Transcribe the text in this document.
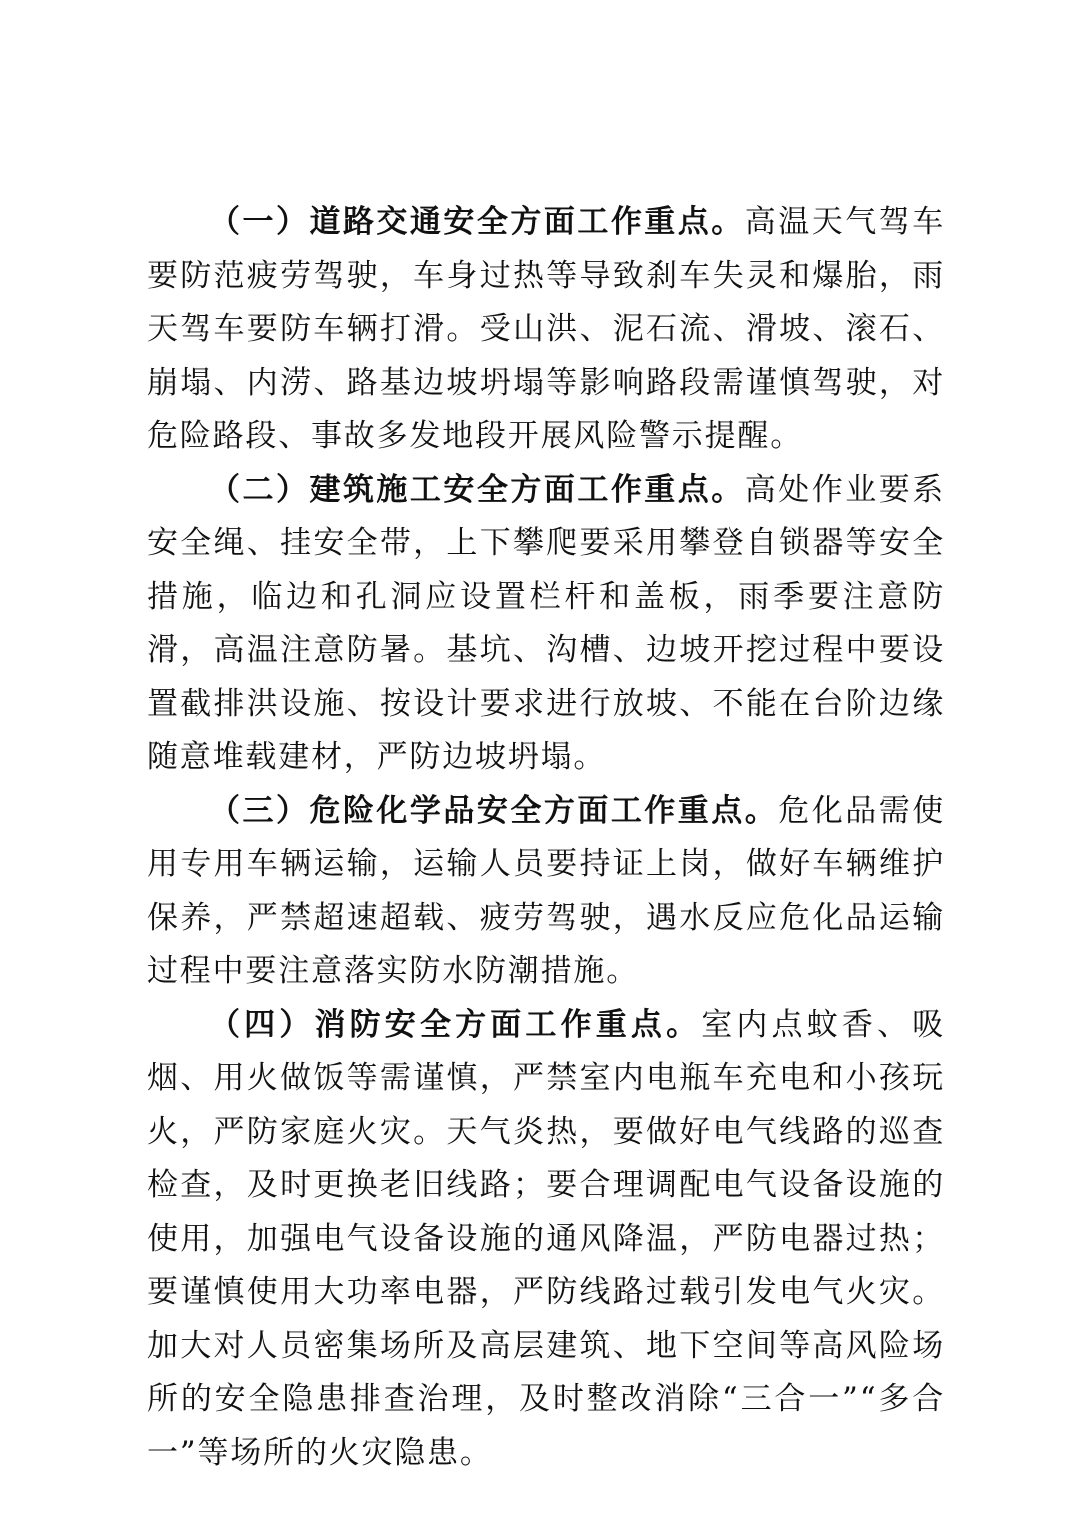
（一）道路交通安全方面工作重点。高温天气驾车要防范疲劳驾驶，车身过热等导致刹车失灵和爆胎，雨天驾车要防车辆打滑。受山洪、泥石流、滑坡、滚石、崩塌、内涝、路基边坡坍塌等影响路段需谨慎驾驶，对危险路段、事故多发地段开展风险警示提醒。

（二）建筑施工安全方面工作重点。高处作业要系安全绳、挂安全带，上下攀爬要采用攀登自锁器等安全措施，临边和孔洞应设置栏杆和盖板，雨季要注意防滑，高温注意防暑。基坑、沟槽、边坡开挖过程中要设置截排洪设施、按设计要求进行放坡、不能在台阶边缘随意堆载建材，严防边坡坍塌。

（三）危险化学品安全方面工作重点。危化品需使用专用车辆运输，运输人员要持证上岗，做好车辆维护保养，严禁超速超载、疲劳驾驶，遇水反应危化品运输过程中要注意落实防水防潮措施。

（四）消防安全方面工作重点。室内点蚊香、吸烟、用火做饭等需谨慎，严禁室内电瓶车充电和小孩玩火，严防家庭火灾。天气炎热，要做好电气线路的巡查检查，及时更换老旧线路；要合理调配电气设备设施的使用，加强电气设备设施的通风降温，严防电器过热；要谨慎使用大功率电器，严防线路过载引发电气火灾。加大对人员密集场所及高层建筑、地下空间等高风险场所的安全隐患排查治理，及时整改消除“三合一”“多合一”等场所的火灾隐患。
